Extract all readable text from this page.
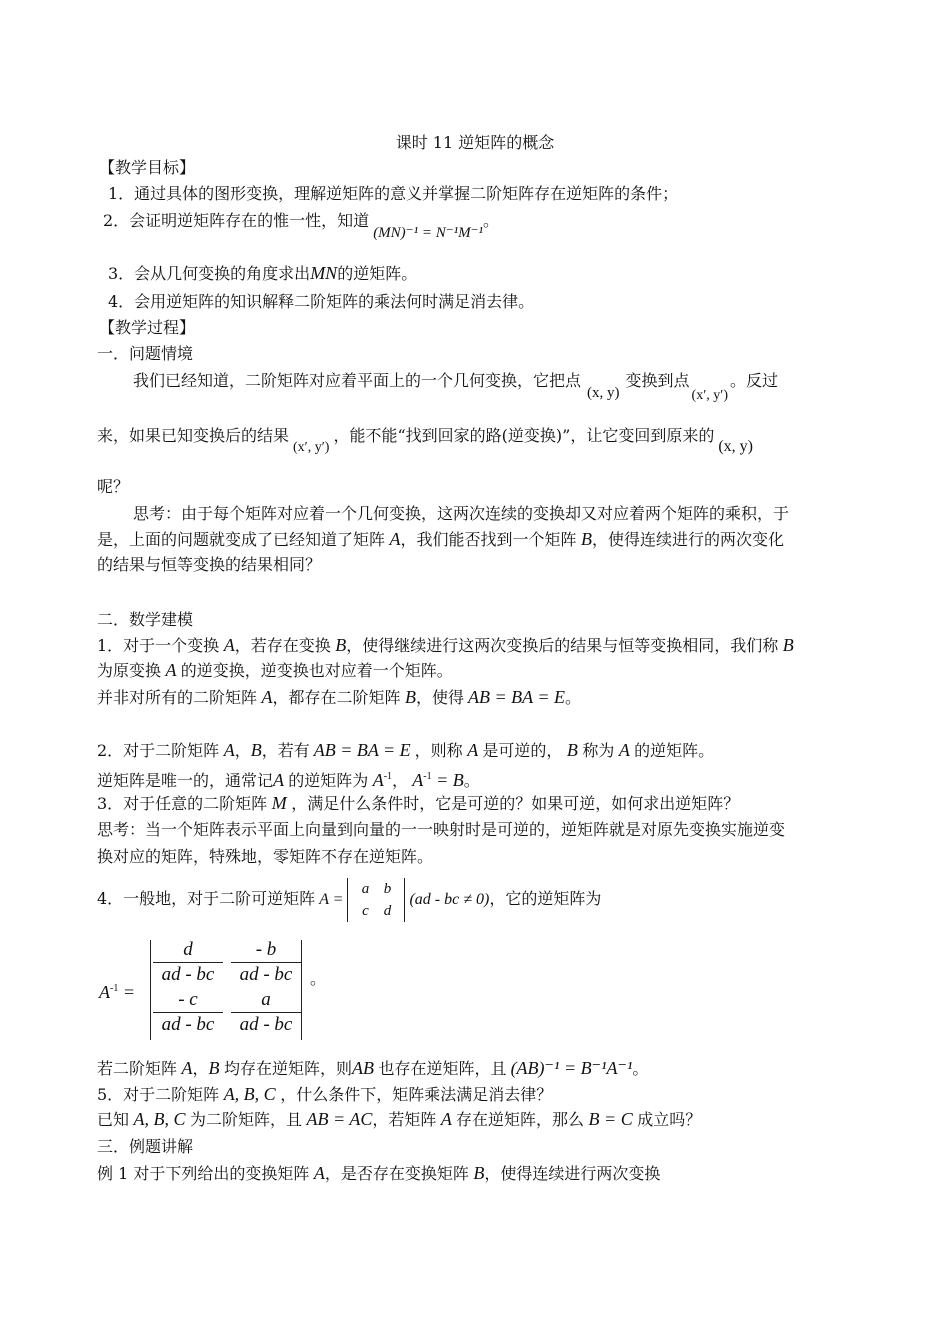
课时 11 逆矩阵的概念
【教学目标】
1．通过具体的图形变换，理解逆矩阵的意义并掌握二阶矩阵存在逆矩阵的条件；
2．会证明逆矩阵存在的惟一性，知道(MN)⁻¹ = N⁻¹M⁻¹。
3．会从几何变换的角度求出MN的逆矩阵。
4．会用逆矩阵的知识解释二阶矩阵的乘法何时满足消去律。
【教学过程】
一．问题情境
我们已经知道，二阶矩阵对应着平面上的一个几何变换，它把点(x, y)变换到点(x′, y′)。反过
来，如果已知变换后的结果(x′, y′)，能不能“找到回家的路(逆变换)”，让它变回到原来的(x, y)
呢？
思考：由于每个矩阵对应着一个几何变换，这两次连续的变换却又对应着两个矩阵的乘积，于
是，上面的问题就变成了已经知道了矩阵 A，我们能否找到一个矩阵 B，使得连续进行的两次变化
的结果与恒等变换的结果相同？
二．数学建模
1．对于一个变换 A，若存在变换 B，使得继续进行这两次变换后的结果与恒等变换相同，我们称 B
为原变换 A 的逆变换，逆变换也对应着一个矩阵。
并非对所有的二阶矩阵 A，都存在二阶矩阵 B，使得 AB = BA = E。
2．对于二阶矩阵 A，B，若有 AB = BA = E ，则称 A 是可逆的， B 称为 A 的逆矩阵。
逆矩阵是唯一的，通常记A 的逆矩阵为 $A^{-1}$， $A^{-1} = B$。
3．对于任意的二阶矩阵 M ，满足什么条件时，它是可逆的？如果可逆，如何求出逆矩阵？
思考：当一个矩阵表示平面上向量到向量的一一映射时是可逆的，逆矩阵就是对原先变换实施逆变
换对应的矩阵，特殊地，零矩阵不存在逆矩阵。
4．一般地，对于二阶可逆矩阵 A = a b
c d(ad - bc ≠ 0)，它的逆矩阵为
$A^{-1}$ =
$\frac{d}{ad - bc} \frac{- b}{ad - bc}$
$\frac{- c}{ad - bc} \frac{a}{ad - bc}$
。
若二阶矩阵 A，B 均存在逆矩阵，则AB 也存在逆矩阵，且 (AB)⁻¹ = B⁻¹A⁻¹。
5．对于二阶矩阵 A, B, C ，什么条件下，矩阵乘法满足消去律？
已知 A, B, C 为二阶矩阵，且 AB = AC，若矩阵 A 存在逆矩阵，那么 B = C 成立吗？
三．例题讲解
例 1 对于下列给出的变换矩阵 A，是否存在变换矩阵 B，使得连续进行两次变换
